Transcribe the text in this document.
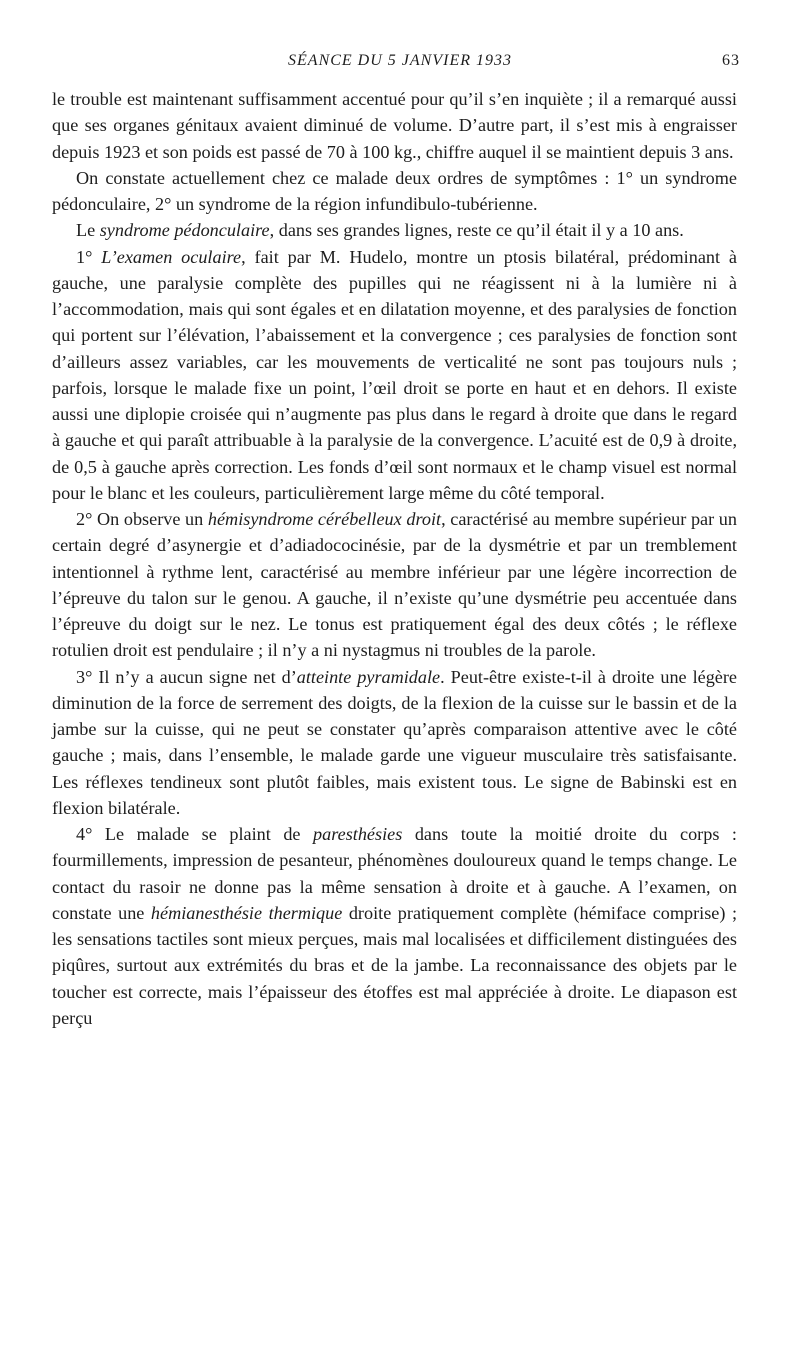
SÉANCE DU 5 JANVIER 1933	63

le trouble est maintenant suffisamment accentué pour qu’il s’en inquiète ; il a remarqué aussi que ses organes génitaux avaient diminué de volume. D’autre part, il s’est mis à engraisser depuis 1923 et son poids est passé de 70 à 100 kg., chiffre auquel il se maintient depuis 3 ans.

On constate actuellement chez ce malade deux ordres de symptômes : 1° un syndrome pédonculaire, 2° un syndrome de la région infundibulo-tubérienne.

Le syndrome pédonculaire, dans ses grandes lignes, reste ce qu’il était il y a 10 ans.

1° L’examen oculaire, fait par M. Hudelo, montre un ptosis bilatéral, prédominant à gauche, une paralysie complète des pupilles qui ne réagissent ni à la lumière ni à l’accommodation, mais qui sont égales et en dilatation moyenne, et des paralysies de fonction qui portent sur l’élévation, l’abaissement et la convergence ; ces paralysies de fonction sont d’ailleurs assez variables, car les mouvements de verticalité ne sont pas toujours nuls ; parfois, lorsque le malade fixe un point, l’œil droit se porte en haut et en dehors. Il existe aussi une diplopie croisée qui n’augmente pas plus dans le regard à droite que dans le regard à gauche et qui paraît attribuable à la paralysie de la convergence. L’acuité est de 0,9 à droite, de 0,5 à gauche après correction. Les fonds d’œil sont normaux et le champ visuel est normal pour le blanc et les couleurs, particulièrement large même du côté temporal.

2° On observe un hémisyndrome cérébelleux droit, caractérisé au membre supérieur par un certain degré d’asynergie et d’adiadococinésie, par de la dysmétrie et par un tremblement intentionnel à rythme lent, caractérisé au membre inférieur par une légère incorrection de l’épreuve du talon sur le genou. A gauche, il n’existe qu’une dysmétrie peu accentuée dans l’épreuve du doigt sur le nez. Le tonus est pratiquement égal des deux côtés ; le réflexe rotulien droit est pendulaire ; il n’y a ni nystagmus ni troubles de la parole.

3° Il n’y a aucun signe net d’atteinte pyramidale. Peut-être existe-t-il à droite une légère diminution de la force de serrement des doigts, de la flexion de la cuisse sur le bassin et de la jambe sur la cuisse, qui ne peut se constater qu’après comparaison attentive avec le côté gauche ; mais, dans l’ensemble, le malade garde une vigueur musculaire très satisfaisante. Les réflexes tendineux sont plutôt faibles, mais existent tous. Le signe de Babinski est en flexion bilatérale.

4° Le malade se plaint de paresthésies dans toute la moitié droite du corps : fourmillements, impression de pesanteur, phénomènes douloureux quand le temps change. Le contact du rasoir ne donne pas la même sensation à droite et à gauche. A l’examen, on constate une hémianesthésie thermique droite pratiquement complète (hémiface comprise) ; les sensations tactiles sont mieux perçues, mais mal localisées et difficilement distinguées des piqûres, surtout aux extrémités du bras et de la jambe. La reconnaissance des objets par le toucher est correcte, mais l’épaisseur des étoffes est mal appréciée à droite. Le diapason est perçu
